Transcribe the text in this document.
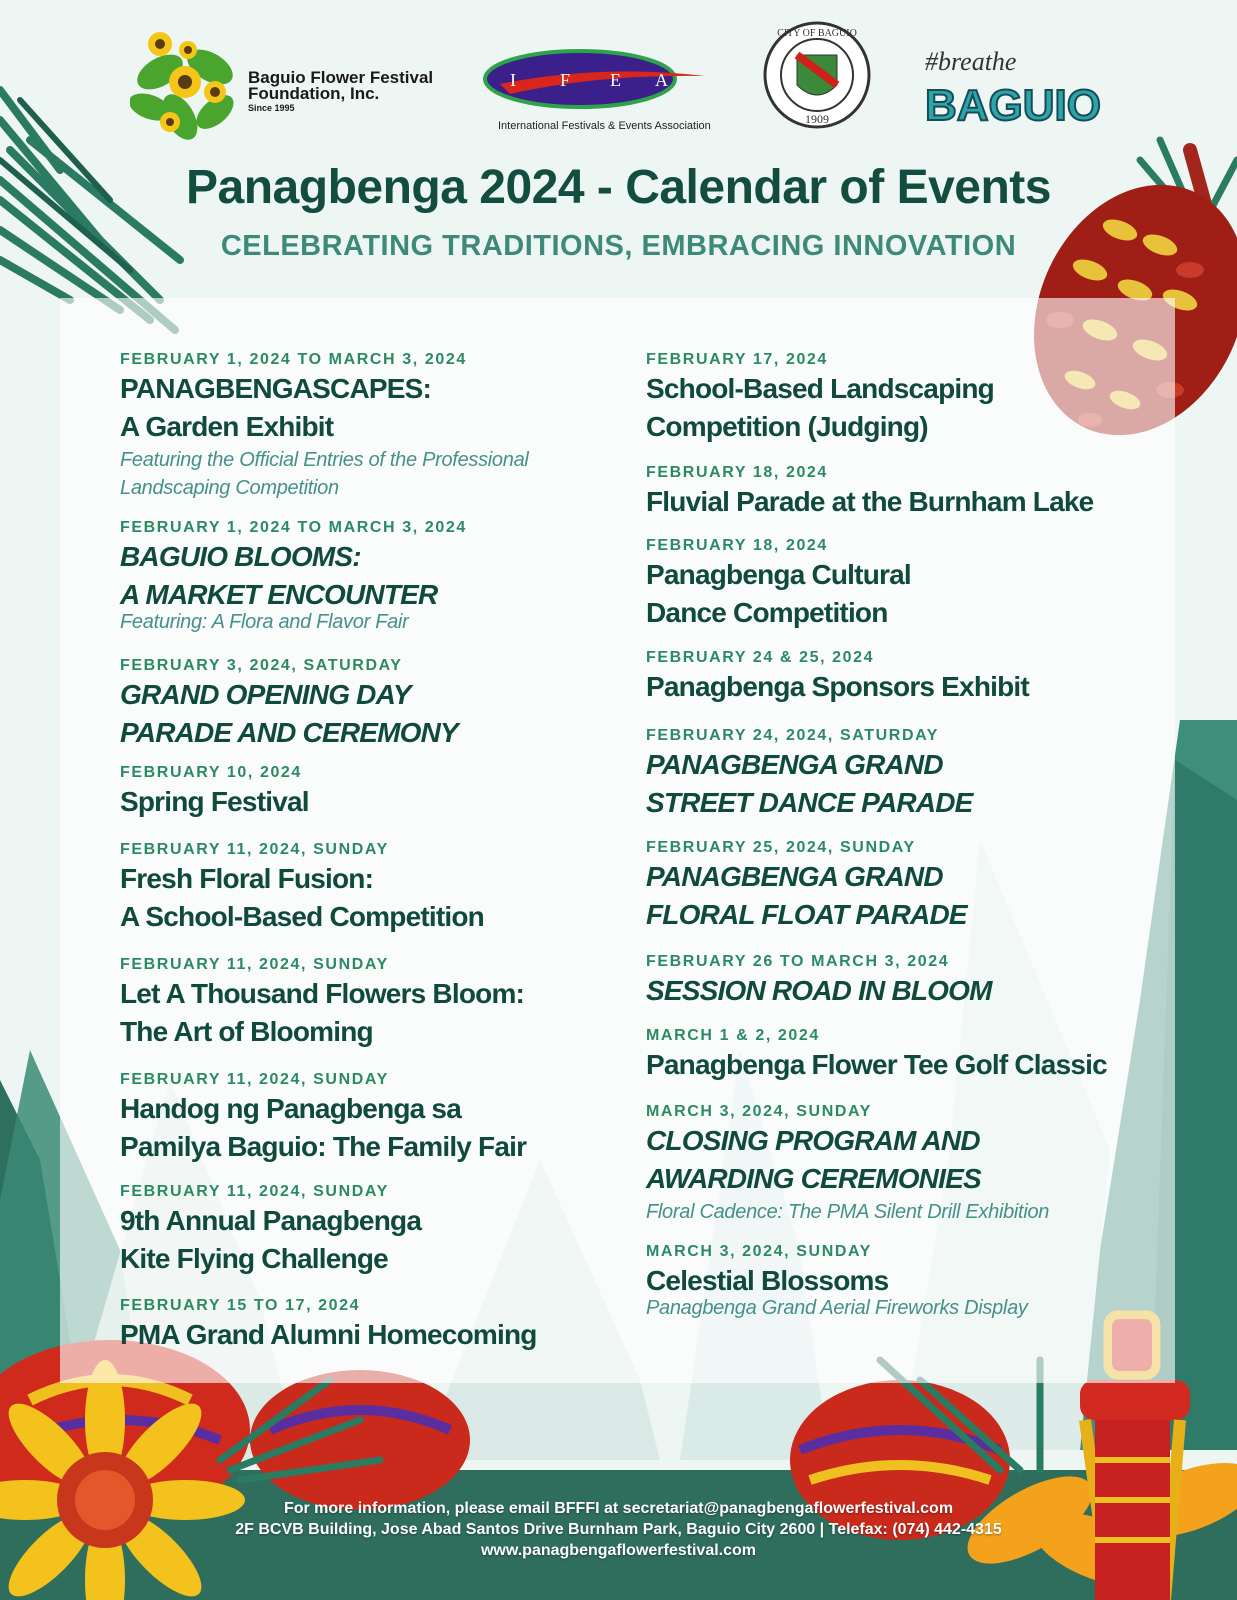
Baguio Flower Festival
Foundation, Inc.
Since 1995
I F E A
International Festivals & Events Association	1909
CITY OF BAGUIO
#breathe
BAGUIO
Panagbenga 2024 - Calendar of Events
CELEBRATING TRADITIONS, EMBRACING INNOVATION
FEBRUARY 1, 2024 TO MARCH 3, 2024
PANAGBENGASCAPES:
A Garden Exhibit
Featuring the Official Entries of the Professional
Landscaping Competition
FEBRUARY 1, 2024 TO MARCH 3, 2024
BAGUIO BLOOMS:
A MARKET ENCOUNTER
Featuring: A Flora and Flavor Fair
FEBRUARY 3, 2024, SATURDAY
GRAND OPENING DAY
PARADE AND CEREMONY
FEBRUARY 10, 2024
Spring Festival
FEBRUARY 11, 2024, SUNDAY
Fresh Floral Fusion:
A School-Based Competition
FEBRUARY 11, 2024, SUNDAY
Let A Thousand Flowers Bloom:
The Art of Blooming
FEBRUARY 11, 2024, SUNDAY
Handog ng Panagbenga sa
Pamilya Baguio: The Family Fair
FEBRUARY 11, 2024, SUNDAY
9th Annual Panagbenga
Kite Flying Challenge
FEBRUARY 15 TO 17, 2024
PMA Grand Alumni Homecoming
FEBRUARY 17, 2024
School-Based Landscaping
Competition (Judging)
FEBRUARY 18, 2024
Fluvial Parade at the Burnham Lake
FEBRUARY 18, 2024
Panagbenga Cultural
Dance Competition
FEBRUARY 24 & 25, 2024
Panagbenga Sponsors Exhibit
FEBRUARY 24, 2024, SATURDAY
PANAGBENGA GRAND
STREET DANCE PARADE
FEBRUARY 25, 2024, SUNDAY
PANAGBENGA GRAND
FLORAL FLOAT PARADE
FEBRUARY 26 TO MARCH 3, 2024
SESSION ROAD IN BLOOM
MARCH 1 & 2, 2024
Panagbenga Flower Tee Golf Classic
MARCH 3, 2024, SUNDAY
CLOSING PROGRAM AND
AWARDING CEREMONIES
Floral Cadence: The PMA Silent Drill Exhibition
MARCH 3, 2024, SUNDAY
Celestial Blossoms
Panagbenga Grand Aerial Fireworks Display
For more information, please email BFFFI at secretariat@panagbengaflowerfestival.com
2F BCVB Building, Jose Abad Santos Drive Burnham Park, Baguio City 2600 | Telefax: (074) 442-4315
www.panagbengaflowerfestival.com
